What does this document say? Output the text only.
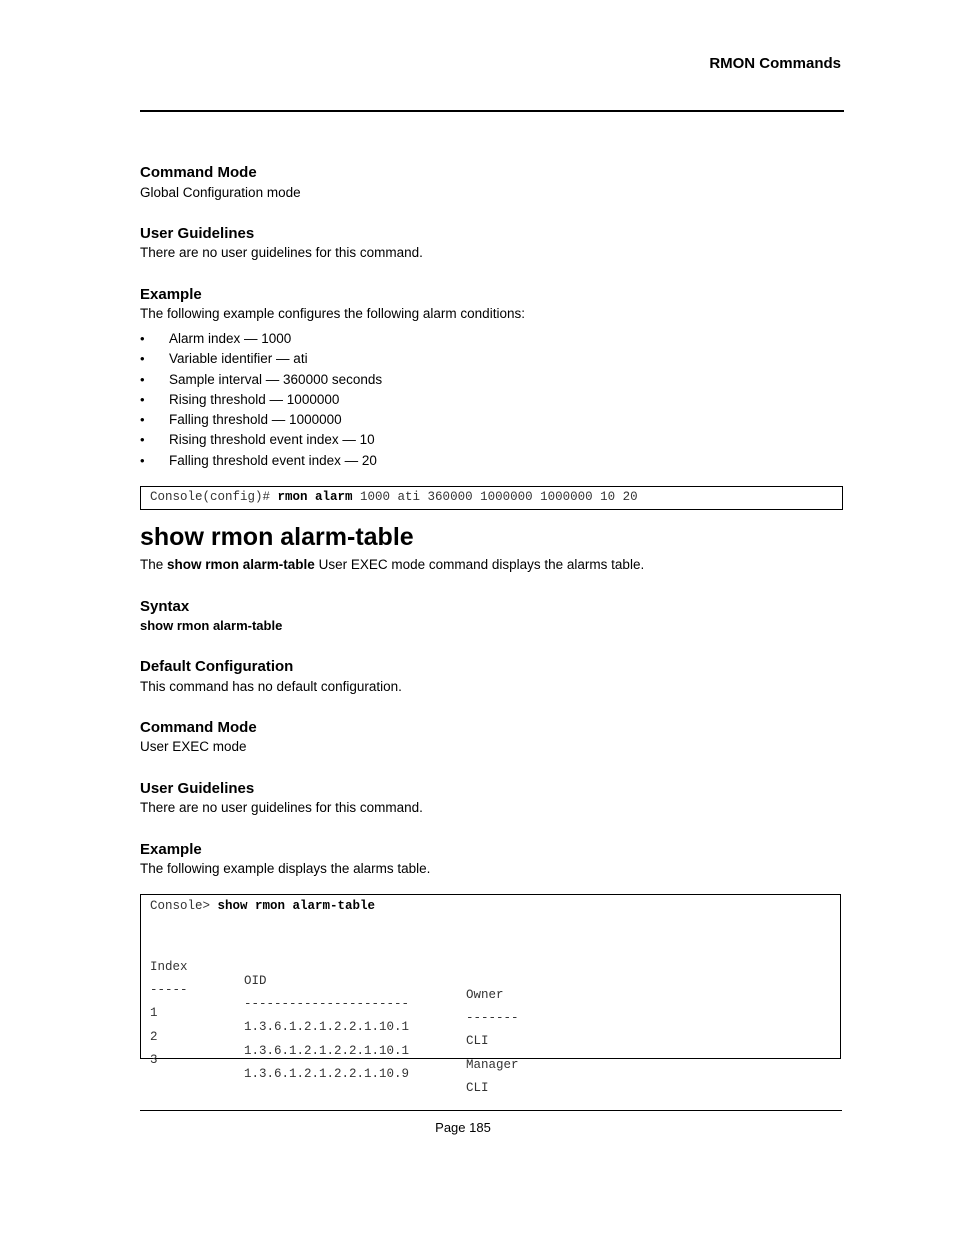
RMON Commands
Command Mode
Global Configuration mode
User Guidelines
There are no user guidelines for this command.
Example
The following example configures the following alarm conditions:
• Alarm index — 1000
• Variable identifier — ati
• Sample interval — 360000 seconds
• Rising threshold — 1000000
• Falling threshold — 1000000
• Rising threshold event index — 10
• Falling threshold event index — 20
Console(config)# rmon alarm 1000 ati 360000 1000000 1000000 10 20
show rmon alarm-table
The show rmon alarm-table User EXEC mode command displays the alarms table.
Syntax
show rmon alarm-table
Default Configuration
This command has no default configuration.
Command Mode
User EXEC mode
User Guidelines
There are no user guidelines for this command.
Example
The following example displays the alarms table.
Console> show rmon alarm-table

Index

OID

Owner

-----

----------------------

-------

1

1.3.6.1.2.1.2.2.1.10.1

CLI

2

1.3.6.1.2.1.2.2.1.10.1

Manager

3

1.3.6.1.2.1.2.2.1.10.9

CLI

Page 185
